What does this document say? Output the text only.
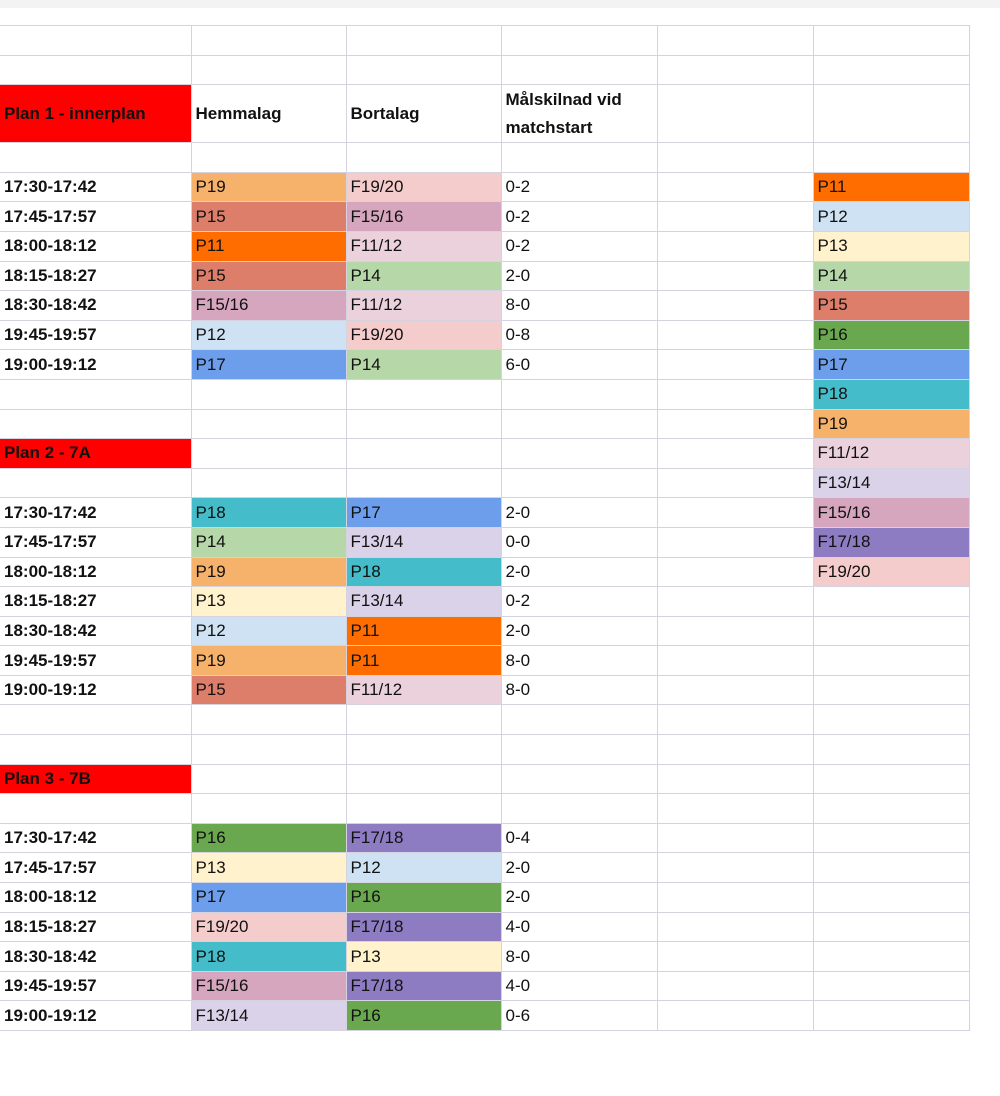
Plan 1 - innerplan	Hemmalag	Bortalag	Målskilnad vid matchstart		

17:30-17:42	P19	F19/20	0-2		P11
17:45-17:57	P15	F15/16	0-2		P12
18:00-18:12	P11	F11/12	0-2		P13
18:15-18:27	P15	P14	2-0		P14
18:30-18:42	F15/16	F11/12	8-0		P15
19:45-19:57	P12	F19/20	0-8		P16
19:00-19:12	P17	P14	6-0		P17
					P18
					P19
Plan 2 - 7A					F11/12
					F13/14
17:30-17:42	P18	P17	2-0		F15/16
17:45-17:57	P14	F13/14	0-0		F17/18
18:00-18:12	P19	P18	2-0		F19/20
18:15-18:27	P13	F13/14	0-2		
18:30-18:42	P12	P11	2-0		
19:45-19:57	P19	P11	8-0		
19:00-19:12	P15	F11/12	8-0		

Plan 3 - 7B					

17:30-17:42	P16	F17/18	0-4		
17:45-17:57	P13	P12	2-0		
18:00-18:12	P17	P16	2-0		
18:15-18:27	F19/20	F17/18	4-0		
18:30-18:42	P18	P13	8-0		
19:45-19:57	F15/16	F17/18	4-0		
19:00-19:12	F13/14	P16	0-6		
